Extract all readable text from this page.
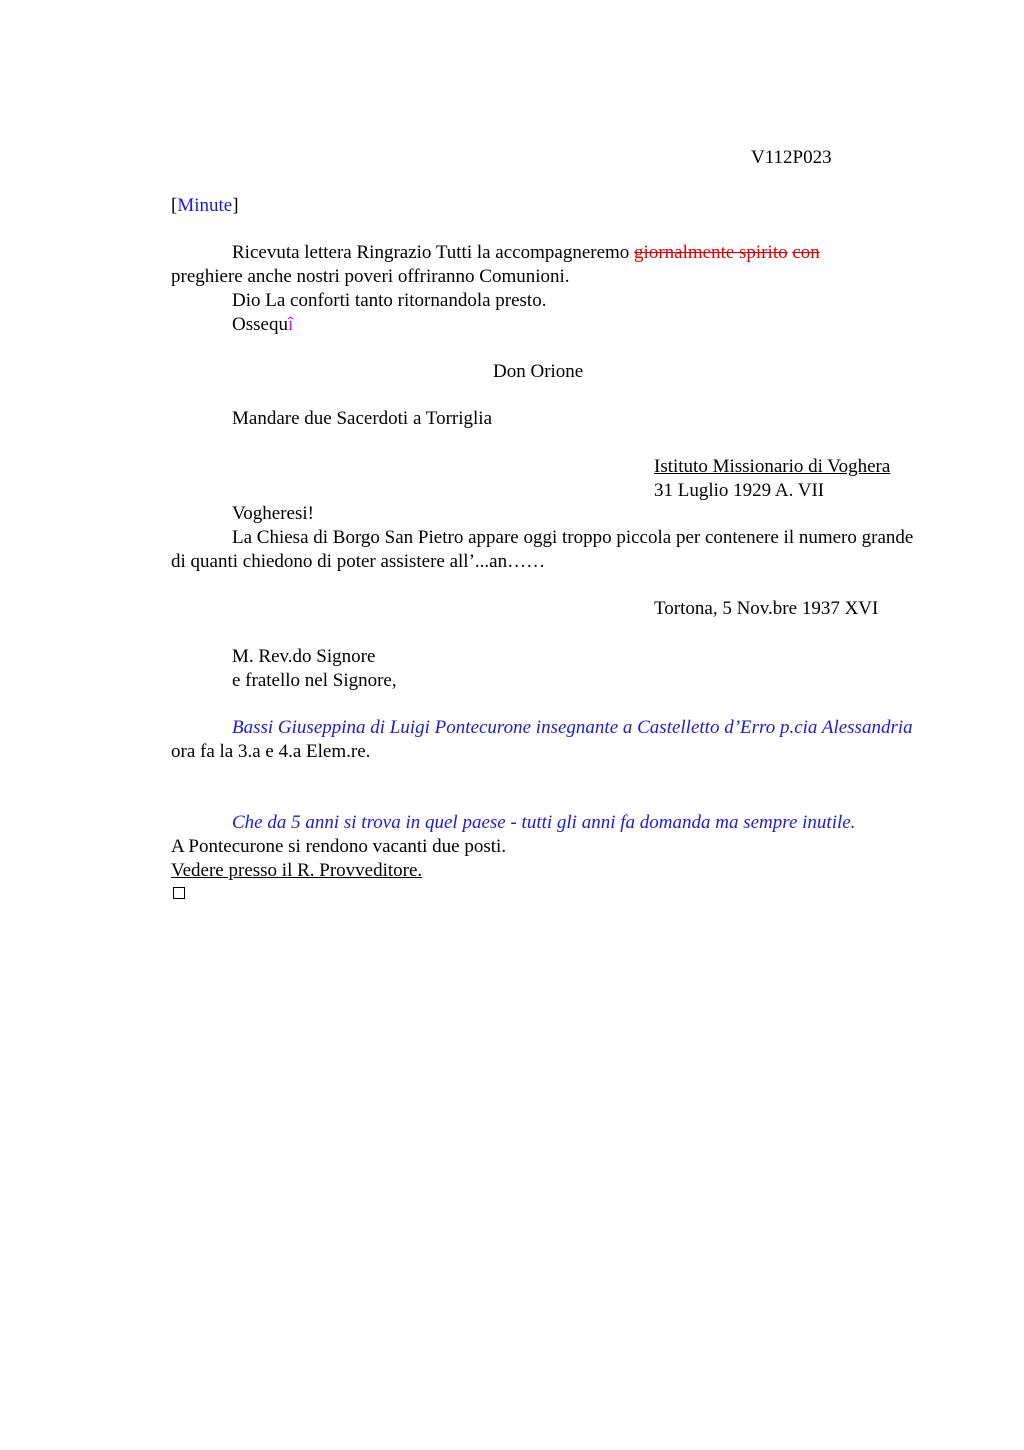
V112P023
[Minute]
Ricevuta lettera Ringrazio Tutti la accompagneremo giornalmente spirito con
preghiere anche nostri poveri offriranno Comunioni.
Dio La conforti tanto ritornandola presto.
Ossequî
Don Orione
Mandare due Sacerdoti a Torriglia
Istituto Missionario di Voghera
31 Luglio 1929 A. VII
Vogheresi!
La Chiesa di Borgo San Pietro appare oggi troppo piccola per contenere il numero grande di quanti chiedono di poter assistere all’...an……
Tortona, 5 Nov.bre 1937 XVI
M. Rev.do Signore
e fratello nel Signore,
Bassi Giuseppina di Luigi Pontecurone insegnante a Castelletto d’Erro p.cia Alessandria
ora fa la 3.a e 4.a Elem.re.
Che da 5 anni si trova in quel paese - tutti gli anni fa domanda ma sempre inutile.
A Pontecurone si rendono vacanti due posti.
Vedere presso il R. Provveditore.
